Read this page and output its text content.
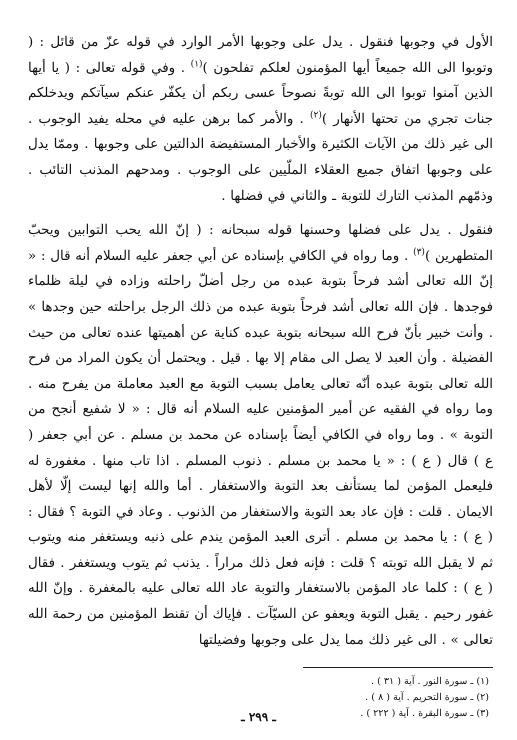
الأول في وجوبها فنقول . يدل على وجوبها الأمر الوارد في قوله عزّ من قائل : ( وتوبوا الى الله جميعاً أيها المؤمنون لعلكم تفلحون )$^{(١)}$ . وفي قوله تعالى : ( يا أيها الذين آمنوا توبوا الى الله توبةً نصوحاً عسى ربكم أن يكفّر عنكم سيآتكم ويدخلكم جنات تجري من تحتها الأنهار )$^{(٢)}$ . والأمر كما برهن عليه في محله يفيد الوجوب . الى غير ذلك من الآيات الكثيرة والأخبار المستفيضة الدالتين على وجوبها . وممّا يدل على وجوبها اتفاق جميع العقلاء الملّيين على الوجوب . ومدحهم المذنب التائب . وذمّهم المذنب التارك للتوبة ـ والثاني في فضلها .

فنقول . يدل على فضلها وحسنها قوله سبحانه : ( إنّ الله يحب التوابين ويحبّ المتطهرين )$^{(٣)}$ . وما رواه في الكافي بإسناده عن أبي جعفر عليه السلام أنه قال : « إنّ الله تعالى أشد فرحاً بتوبة عبده من رجل أضلّ راحلته وزاده في ليلة ظلماء فوجدها . فإن الله تعالى أشد فرحاً بتوبة عبده من ذلك الرجل براحلته حين وجدها » . وأنت خبير بأنّ فرح الله سبحانه بتوبة عبده كناية عن أهميتها عنده تعالى من حيث الفضيلة . وأن العبد لا يصل الى مقام إلا بها . قيل . ويحتمل أن يكون المراد من فرح الله تعالى بتوبة عبده أنّه تعالى يعامل بسبب التوبة مع العبد معاملة من يفرح منه . وما رواه في الفقيه عن أمير المؤمنين عليه السلام أنه قال : « لا شفيع أنجح من التوبة » . وما رواه في الكافي أيضاً بإسناده عن محمد بن مسلم . عن أبي جعفر ( ع ) قال ( ع ) : « يا محمد بن مسلم . ذنوب المسلم . اذا تاب منها . مغفورة له فليعمل المؤمن لما يستأنف بعد التوبة والاستغفار . أما والله إنها ليست إلّا لأهل الايمان . قلت : فإن عاد بعد التوبة والاستغفار من الذنوب . وعاد في التوبة ؟ فقال : ( ع ) : يا محمد بن مسلم . أترى العبد المؤمن يندم على ذنبه ويستغفر منه ويتوب ثم لا يقبل الله توبته ؟ قلت : فإنه فعل ذلك مراراً . يذنب ثم يتوب ويستغفر . فقال ( ع ) : كلما عاد المؤمن بالاستغفار والتوبة عاد الله تعالى عليه بالمغفرة . وإنّ الله غفور رحيم . يقبل التوبة ويعفو عن السيّآت . فإياك أن تقنط المؤمنين من رحمة الله تعالى » . الى غير ذلك مما يدل على وجوبها وفضيلتها

(١) ـ سورة النور . آية ( ٣١ ) .
(٢) ـ سورة التحريم . آية ( ٨ ) .
(٣) ـ سورة البقرة . آية ( ٢٢٢ ) .
ـ ٢٩٩ ـ
